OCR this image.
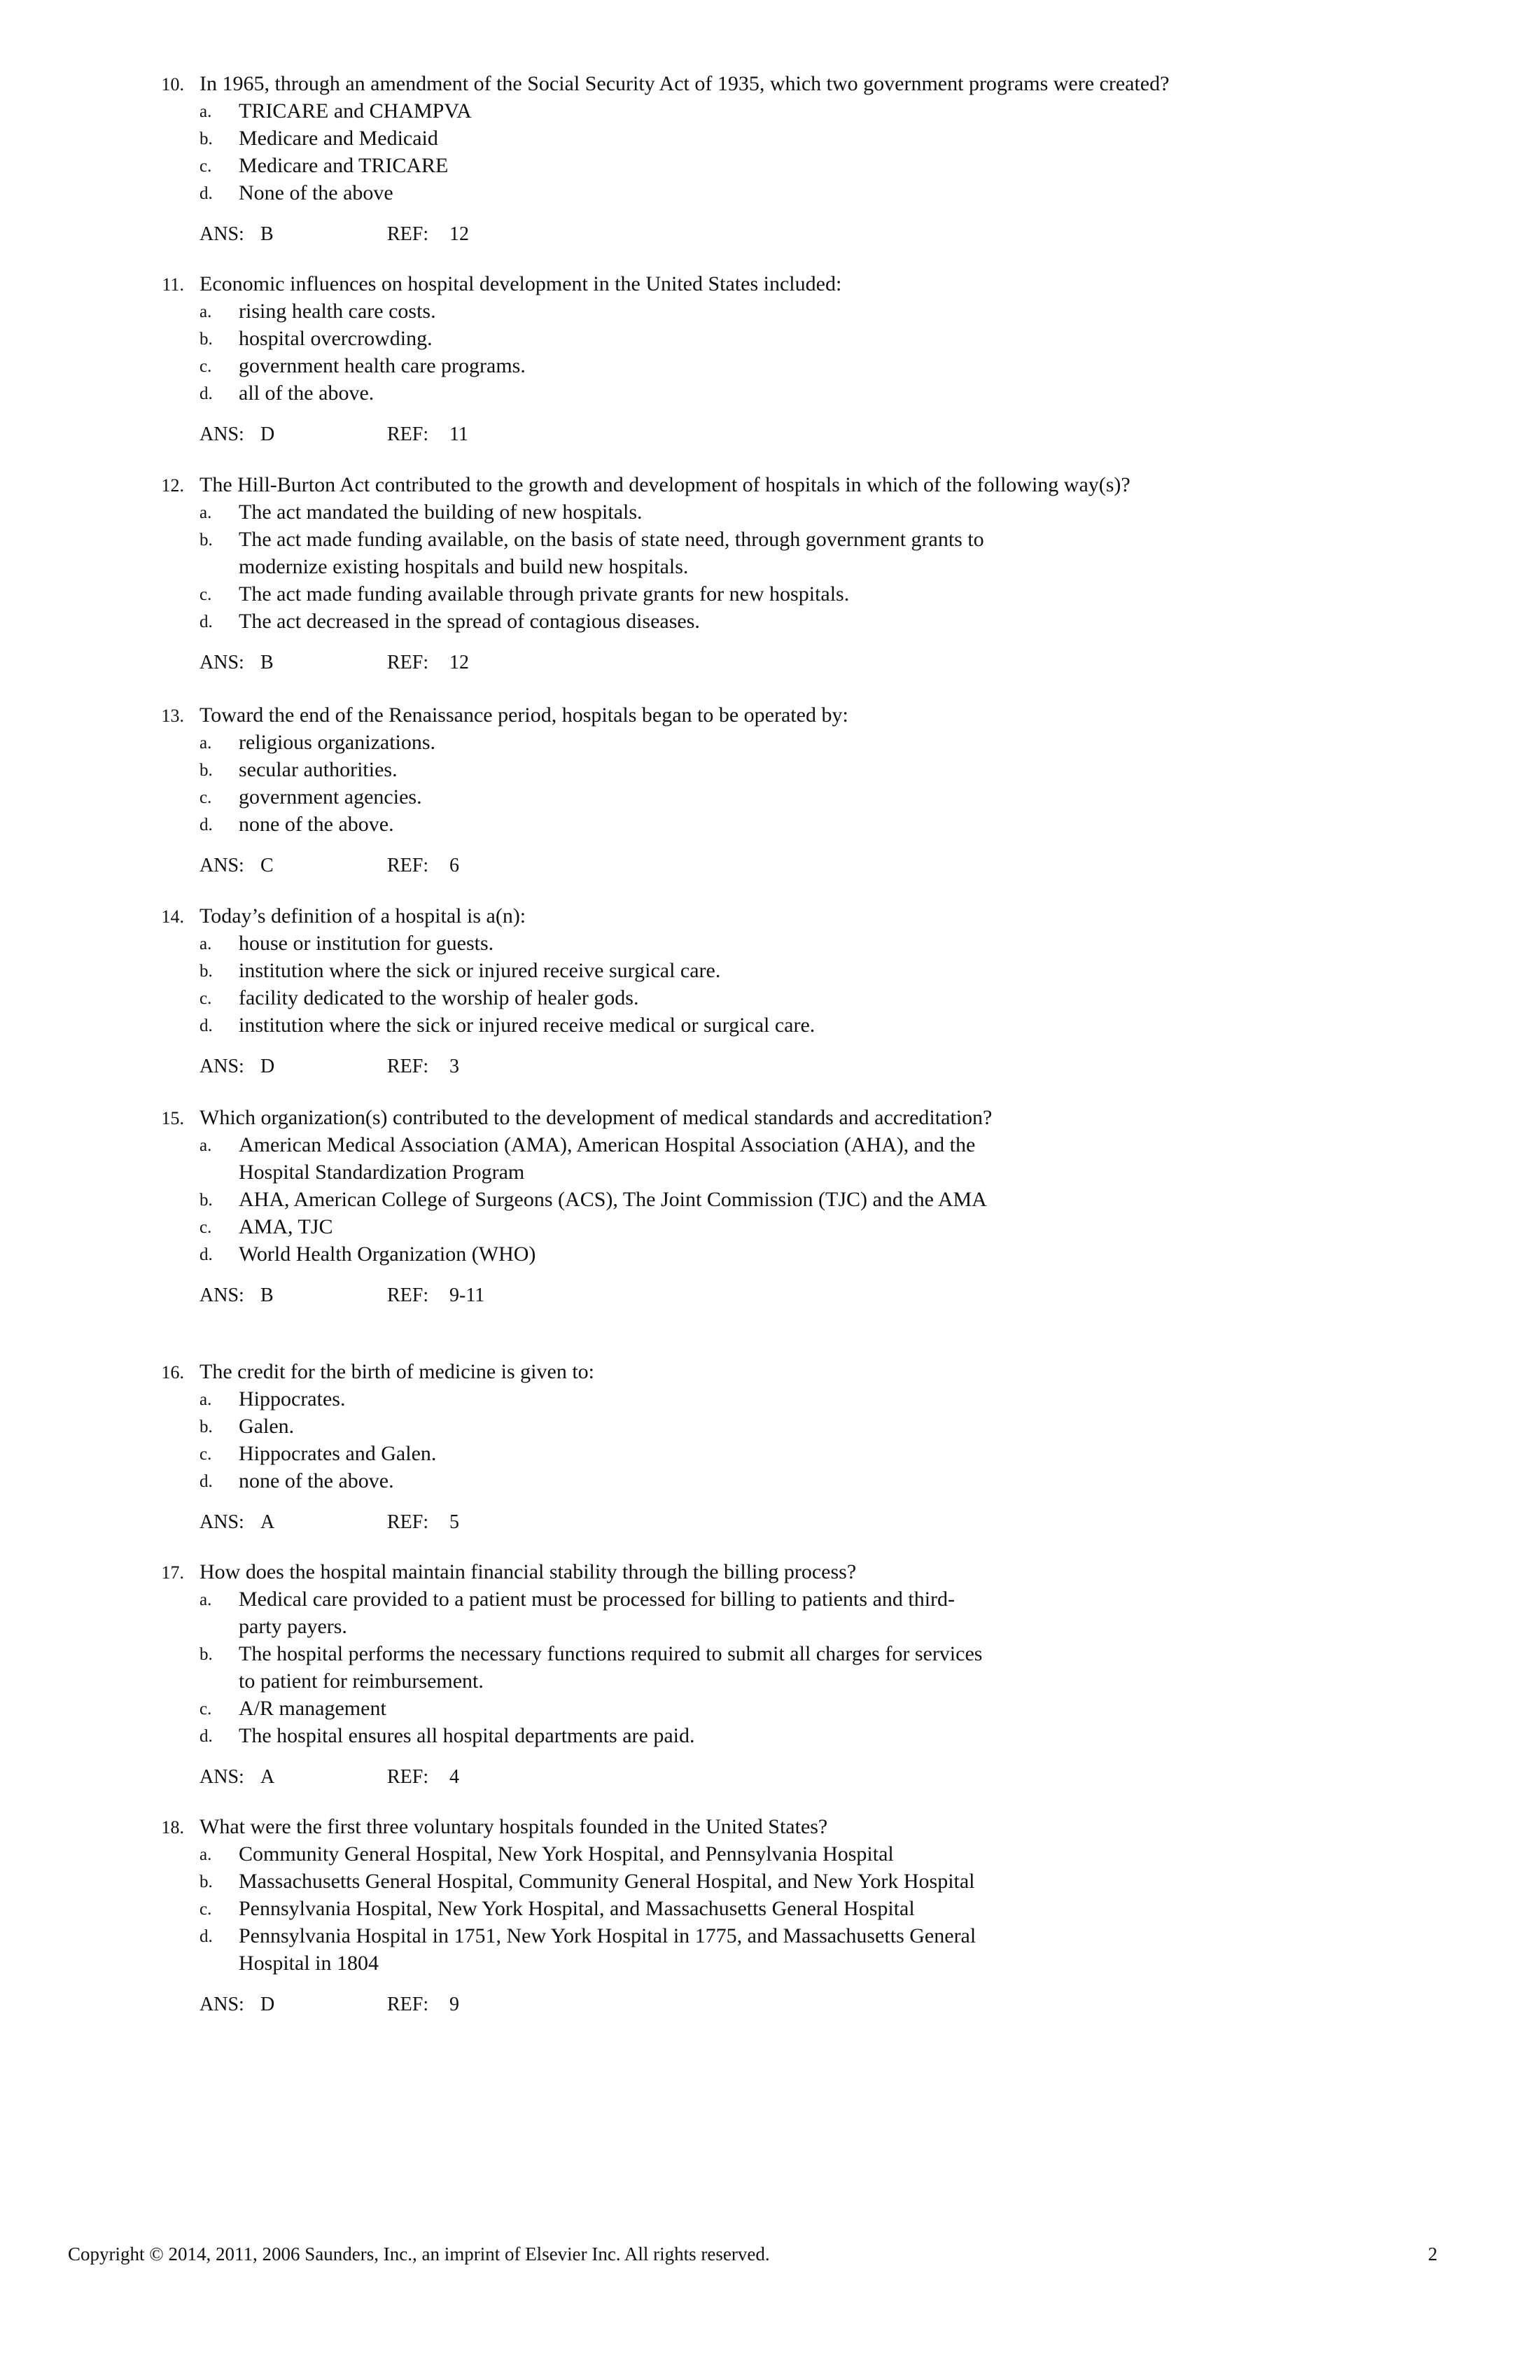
10. In 1965, through an amendment of the Social Security Act of 1935, which two government programs were created?
a. TRICARE and CHAMPVA
b. Medicare and Medicaid
c. Medicare and TRICARE
d. None of the above
ANS: B	REF: 12
11. Economic influences on hospital development in the United States included:
a. rising health care costs.
b. hospital overcrowding.
c. government health care programs.
d. all of the above.
ANS: D	REF: 11
12. The Hill-Burton Act contributed to the growth and development of hospitals in which of the following way(s)?
a. The act mandated the building of new hospitals.
b. The act made funding available, on the basis of state need, through government grants to modernize existing hospitals and build new hospitals.
c. The act made funding available through private grants for new hospitals.
d. The act decreased in the spread of contagious diseases.
ANS: B	REF: 12
13. Toward the end of the Renaissance period, hospitals began to be operated by:
a. religious organizations.
b. secular authorities.
c. government agencies.
d. none of the above.
ANS: C	REF: 6
14. Today’s definition of a hospital is a(n):
a. house or institution for guests.
b. institution where the sick or injured receive surgical care.
c. facility dedicated to the worship of healer gods.
d. institution where the sick or injured receive medical or surgical care.
ANS: D	REF: 3
15. Which organization(s) contributed to the development of medical standards and accreditation?
a. American Medical Association (AMA), American Hospital Association (AHA), and the Hospital Standardization Program
b. AHA, American College of Surgeons (ACS), The Joint Commission (TJC) and the AMA
c. AMA, TJC
d. World Health Organization (WHO)
ANS: B	REF: 9-11
16. The credit for the birth of medicine is given to:
a. Hippocrates.
b. Galen.
c. Hippocrates and Galen.
d. none of the above.
ANS: A	REF: 5
17. How does the hospital maintain financial stability through the billing process?
a. Medical care provided to a patient must be processed for billing to patients and third-party payers.
b. The hospital performs the necessary functions required to submit all charges for services to patient for reimbursement.
c. A/R management
d. The hospital ensures all hospital departments are paid.
ANS: A	REF: 4
18. What were the first three voluntary hospitals founded in the United States?
a. Community General Hospital, New York Hospital, and Pennsylvania Hospital
b. Massachusetts General Hospital, Community General Hospital, and New York Hospital
c. Pennsylvania Hospital, New York Hospital, and Massachusetts General Hospital
d. Pennsylvania Hospital in 1751, New York Hospital in 1775, and Massachusetts General Hospital in 1804
ANS: D	REF: 9
Copyright © 2014, 2011, 2006 Saunders, Inc., an imprint of Elsevier Inc. All rights reserved.	2
